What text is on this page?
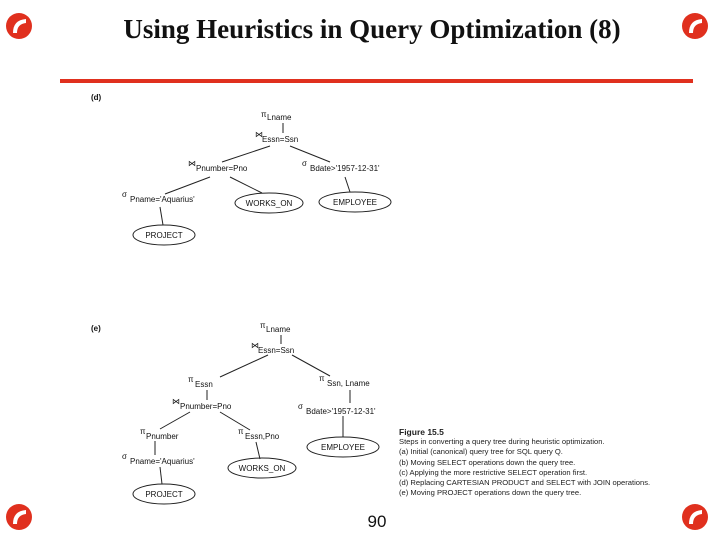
Using Heuristics in Query Optimization (8)
(d)
π Lname
⋈
Essn=Ssn
⋈
Pnumber=Pno
σ
Bdate>'1957-12-31'
σ
Pname='Aquarius'	WORKS_ON	EMPLOYEE
PROJECT
(e)	π Lname
⋈
Essn=Ssn
π
Essn
π
Ssn, Lname
⋈
Pnumber=Pno	σ
Bdate>'1957-12-31'
π
Pnumber
π
Essn,Pno
σ
Pname='Aquarius'
WORKS_ON
EMPLOYEE
PROJECT
Figure 15.5
Steps in converting a query tree during heuristic optimization.
(a) Initial (canonical) query tree for SQL query Q.
(b) Moving SELECT operations down the query tree.
(c) Applying the more restrictive SELECT operation first.
(d) Replacing CARTESIAN PRODUCT and SELECT with JOIN operations.
(e) Moving PROJECT operations down the query tree.
90
